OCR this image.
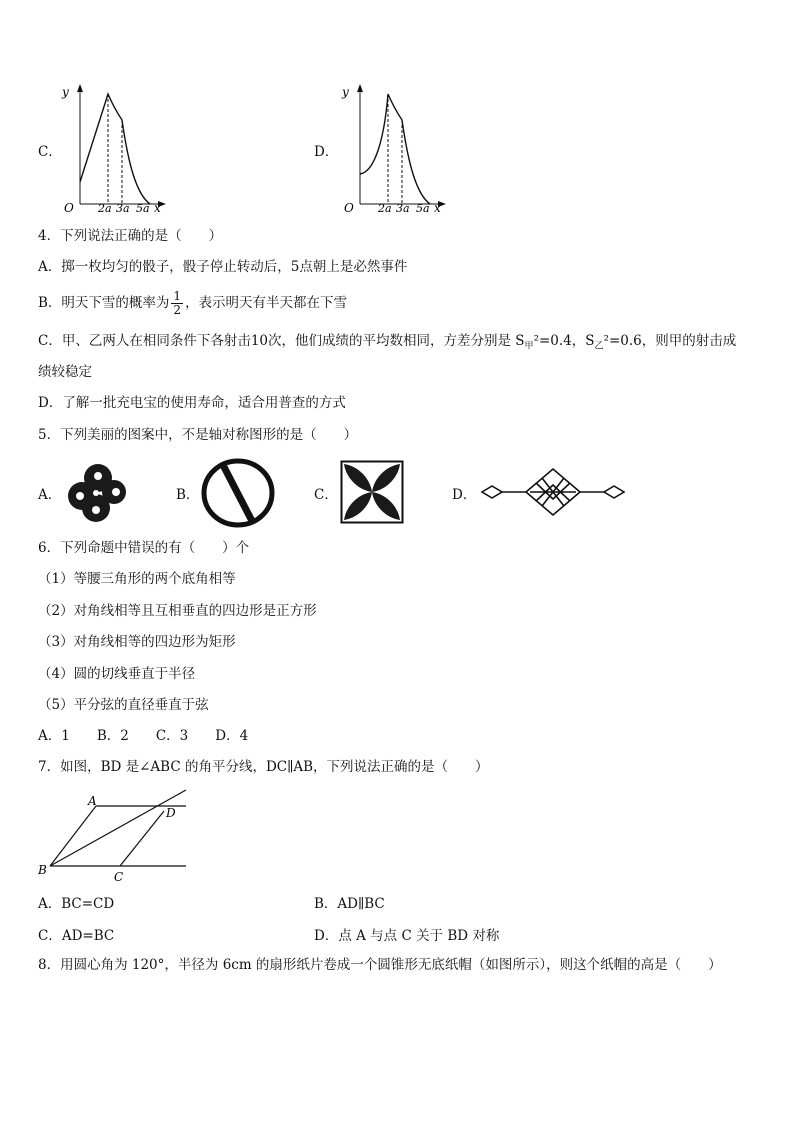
C．
y
x
O 2a 3a 5a
D．
y
x
O 2a 3a 5a
4．下列说法正确的是（　　）
A．掷一枚均匀的骰子，骰子停止转动后，5点朝上是必然事件
B．明天下雪的概率为 $\frac{1}{2}$ ，表示明天有半天都在下雪
C．甲、乙两人在相同条件下各射击10次，他们成绩的平均数相同，方差分别是 $S_甲^2=0.4$，$S_乙^2=0.6$，则甲的射击成
绩较稳定
D．了解一批充电宝的使用寿命，适合用普查的方式
5．下列美丽的图案中，不是轴对称图形的是（　　）
A．	B．	C．	D．
6．下列命题中错误的有（　　）个
（1）等腰三角形的两个底角相等
（2）对角线相等且互相垂直的四边形是正方形
（3）对角线相等的四边形为矩形
（4）圆的切线垂直于半径
（5）平分弦的直径垂直于弦
A．1　　B．2　　C．3　　D．4
7．如图，BD 是∠ABC 的角平分线，DC∥AB，下列说法正确的是（　　）
A
B	C
D
A．BC=CD	B．AD∥BC
C．AD=BC	D．点 A 与点 C 关于 BD 对称
8．用圆心角为 120°，半径为 6cm 的扇形纸片卷成一个圆锥形无底纸帽（如图所示），则这个纸帽的高是（　　）
